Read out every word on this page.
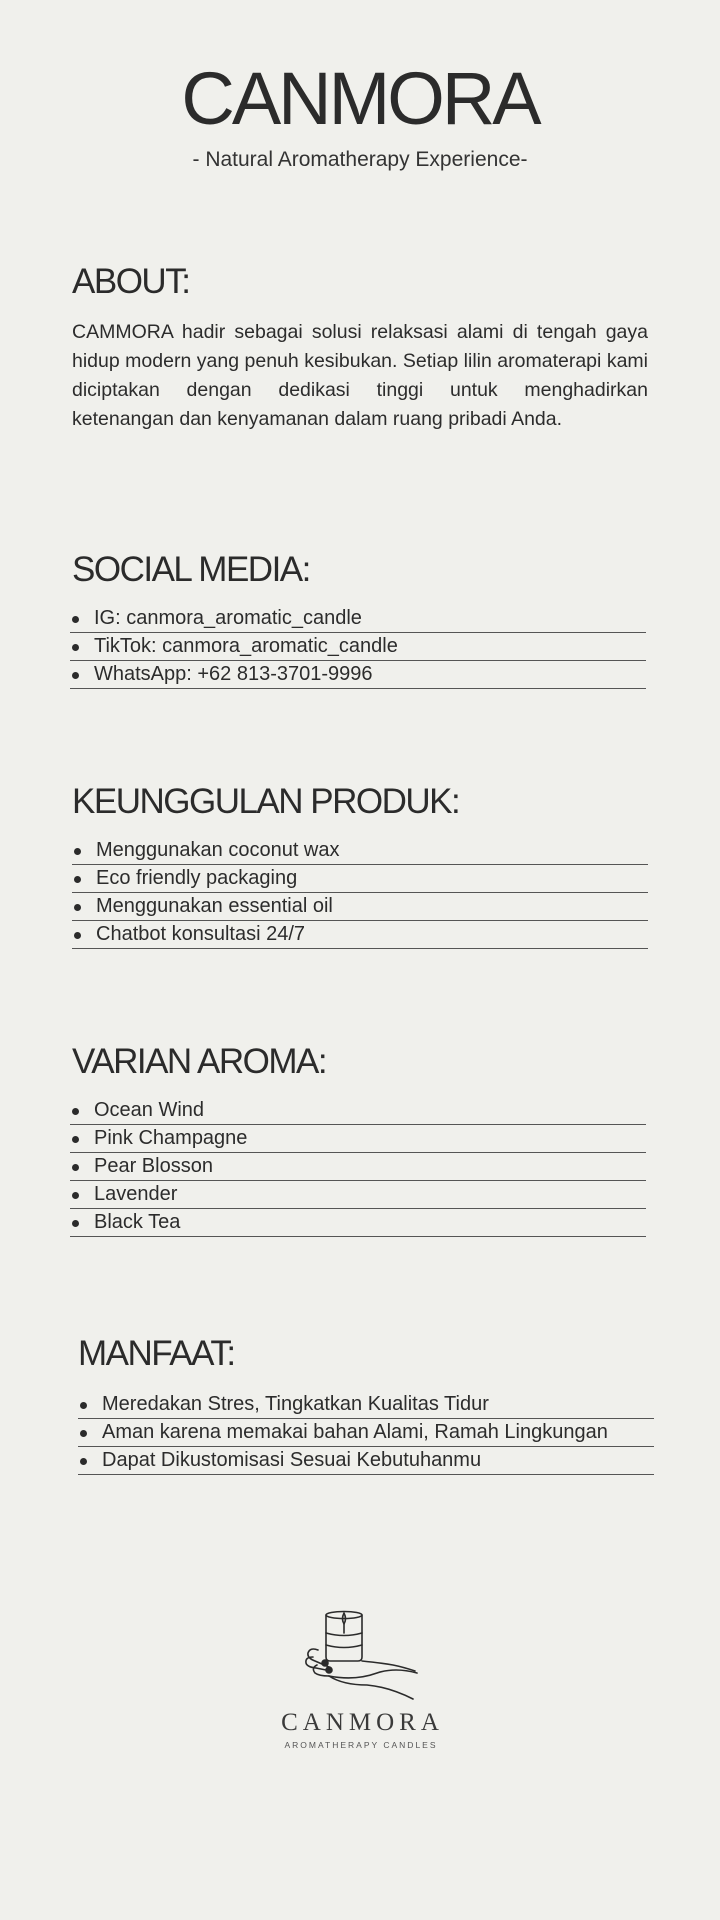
CANMORA
- Natural Aromatherapy Experience-
ABOUT:
CAMMORA hadir sebagai solusi relaksasi alami di tengah gaya hidup modern yang penuh kesibukan. Setiap lilin aromaterapi kami diciptakan dengan dedikasi tinggi untuk menghadirkan ketenangan dan kenyamanan dalam ruang pribadi Anda.
SOCIAL MEDIA:
IG: canmora_aromatic_candle
TikTok: canmora_aromatic_candle
WhatsApp: +62 813-3701-9996
KEUNGGULAN PRODUK:
Menggunakan coconut wax
Eco friendly packaging
Menggunakan essential oil
Chatbot konsultasi 24/7
VARIAN AROMA:
Ocean Wind
Pink Champagne
Pear Blosson
Lavender
Black Tea
MANFAAT:
Meredakan Stres, Tingkatkan Kualitas Tidur
Aman karena memakai bahan Alami, Ramah Lingkungan
Dapat Dikustomisasi Sesuai Kebutuhanmu
CANMORA
AROMATHERAPY CANDLES
